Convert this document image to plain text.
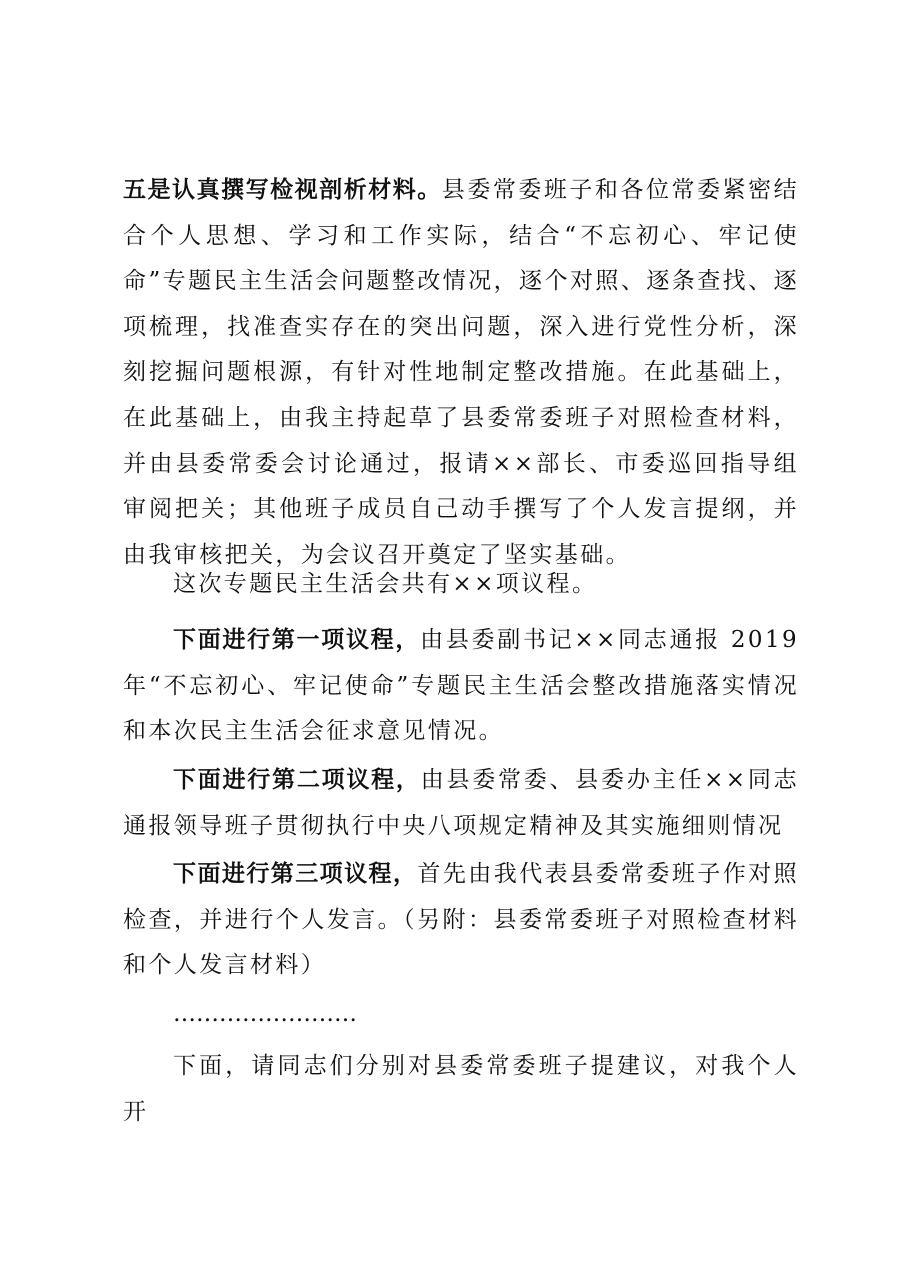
五是认真撰写检视剖析材料。县委常委班子和各位常委紧密结合个人思想、学习和工作实际，结合“不忘初心、牢记使命”专题民主生活会问题整改情况，逐个对照、逐条查找、逐项梳理，找准查实存在的突出问题，深入进行党性分析，深刻挖掘问题根源，有针对性地制定整改措施。在此基础上，在此基础上，由我主持起草了县委常委班子对照检查材料，并由县委常委会讨论通过，报请××部长、市委巡回指导组审阅把关；其他班子成员自己动手撰写了个人发言提纲，并由我审核把关，为会议召开奠定了坚实基础。

这次专题民主生活会共有××项议程。

下面进行第一项议程，由县委副书记××同志通报 2019 年“不忘初心、牢记使命”专题民主生活会整改措施落实情况和本次民主生活会征求意见情况。

下面进行第二项议程，由县委常委、县委办主任××同志通报领导班子贯彻执行中央八项规定精神及其实施细则情况

下面进行第三项议程，首先由我代表县委常委班子作对照检查，并进行个人发言。（另附：县委常委班子对照检查材料和个人发言材料）

……………………

下面，请同志们分别对县委常委班子提建议，对我个人开
